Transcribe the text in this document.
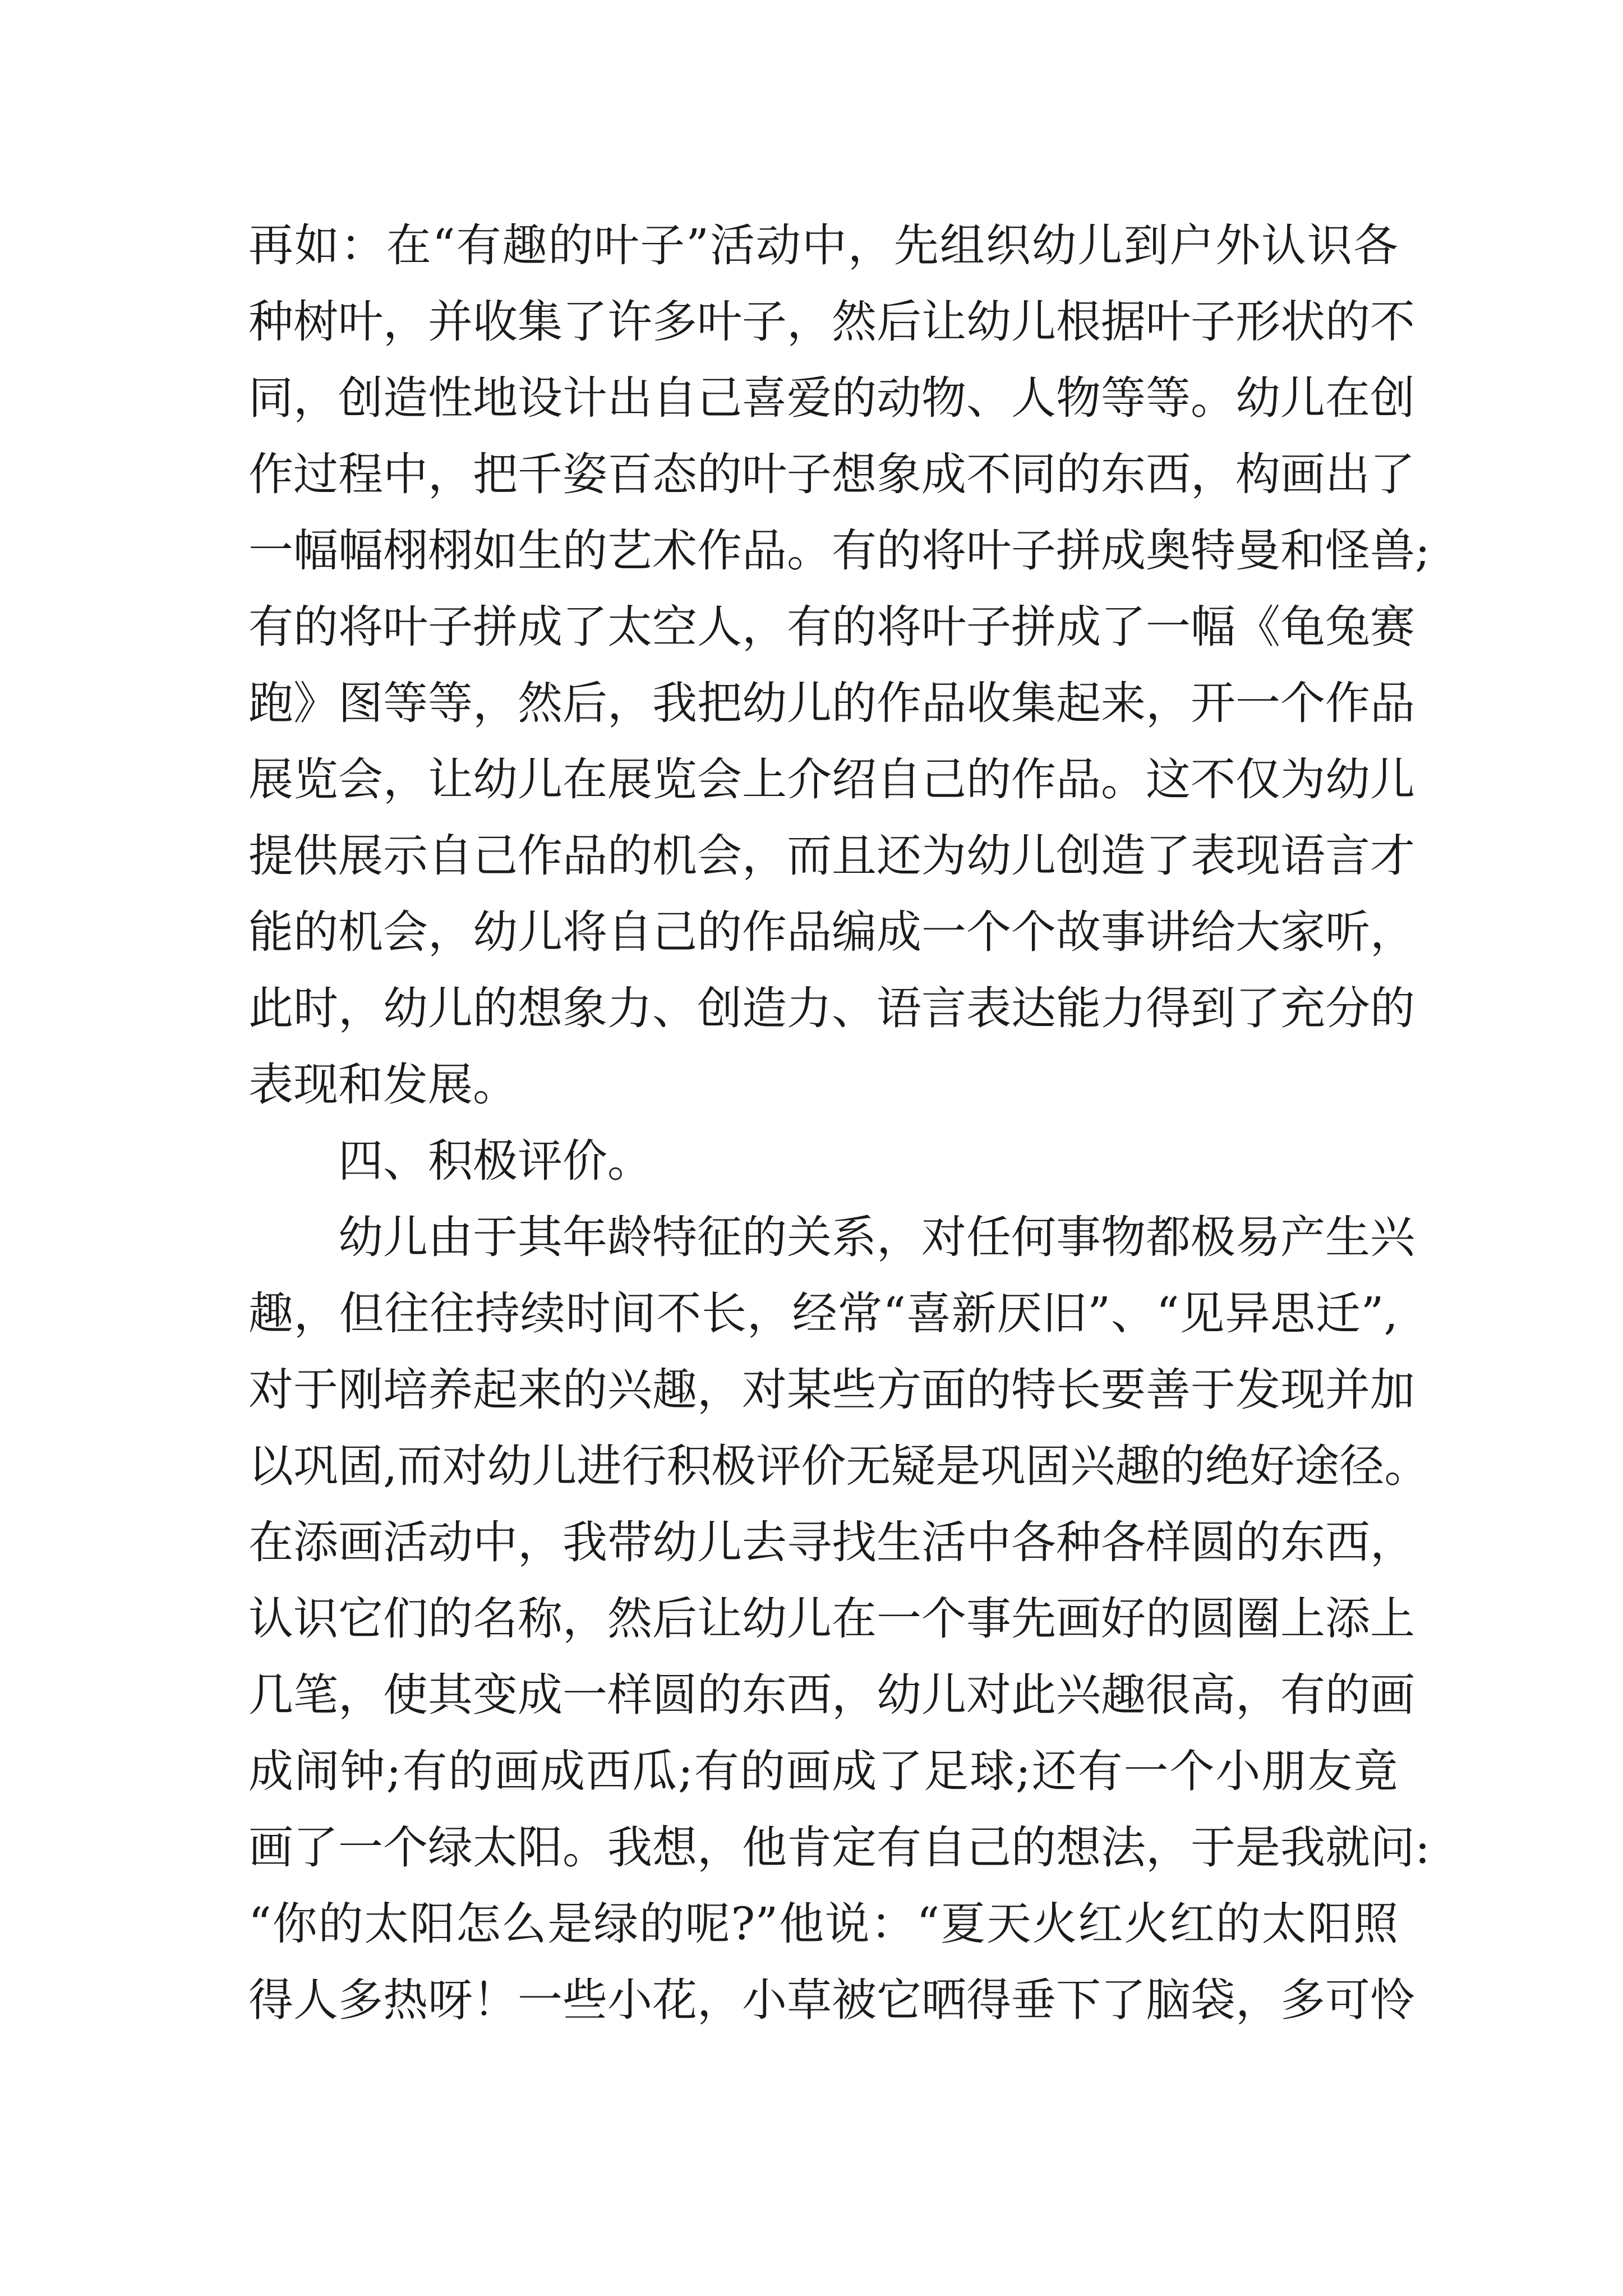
再如：在“有趣的叶子”活动中，先组织幼儿到户外认识各
种树叶，并收集了许多叶子，然后让幼儿根据叶子形状的不
同，创造性地设计出自己喜爱的动物、人物等等。幼儿在创
作过程中，把千姿百态的叶子想象成不同的东西，构画出了
一幅幅栩栩如生的艺术作品。有的将叶子拼成奥特曼和怪兽;
有的将叶子拼成了太空人，有的将叶子拼成了一幅《龟兔赛
跑》图等等，然后，我把幼儿的作品收集起来，开一个作品
展览会，让幼儿在展览会上介绍自己的作品。这不仅为幼儿
提供展示自己作品的机会，而且还为幼儿创造了表现语言才
能的机会，幼儿将自己的作品编成一个个故事讲给大家听，
此时，幼儿的想象力、创造力、语言表达能力得到了充分的
表现和发展。
四、积极评价。
幼儿由于其年龄特征的关系，对任何事物都极易产生兴
趣，但往往持续时间不长，经常“喜新厌旧”、“见异思迁”,
对于刚培养起来的兴趣，对某些方面的特长要善于发现并加
以巩固,而对幼儿进行积极评价无疑是巩固兴趣的绝好途径。
在添画活动中，我带幼儿去寻找生活中各种各样圆的东西，
认识它们的名称，然后让幼儿在一个事先画好的圆圈上添上
几笔，使其变成一样圆的东西，幼儿对此兴趣很高，有的画
成闹钟;有的画成西瓜;有的画成了足球;还有一个小朋友竟
画了一个绿太阳。我想，他肯定有自己的想法，于是我就问:
“你的太阳怎么是绿的呢?”他说：“夏天火红火红的太阳照
得人多热呀！一些小花，小草被它晒得垂下了脑袋，多可怜
